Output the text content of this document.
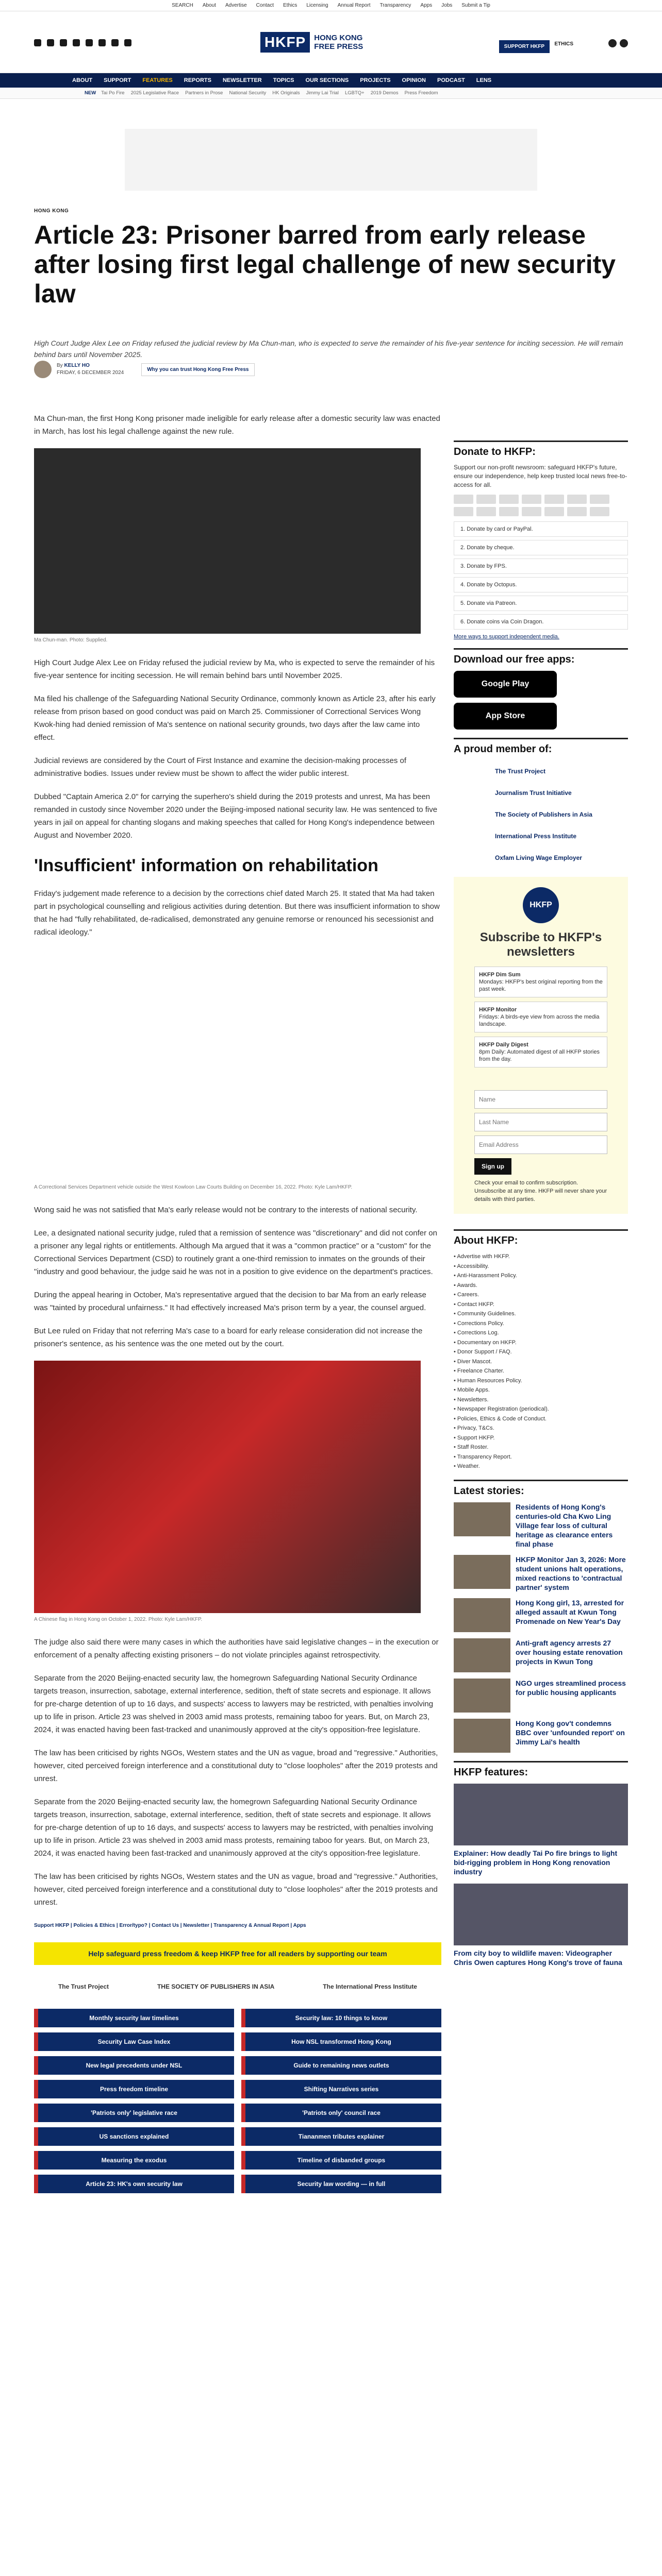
SEARCH About Advertise Contact Ethics Licensing Annual Report Transparency Apps Jobs Submit a Tip
HKFP	HONG KONG
FREE PRESS	SUPPORT HKFP	ETHICS
ABOUT SUPPORT FEATURES REPORTS NEWSLETTER TOPICS OUR SECTIONS PROJECTS OPINION PODCAST LENS
NEW Tai Po Fire 2025 Legislative Race Partners in Prose National Security HK Originals Jimmy Lai Trial LGBTQ+ 2019 Demos Press Freedom
HONG KONG
Article 23: Prisoner barred from early release after losing first legal challenge of new security law

High Court Judge Alex Lee on Friday refused the judicial review by Ma Chun-man, who is expected to serve the remainder of his five-year sentence for inciting secession. He will remain behind bars until November 2025.

By KELLY HO
FRIDAY, 6 DECEMBER 2024
Why you can trust Hong Kong Free Press

Ma Chun-man, the first Hong Kong prisoner made ineligible for early release after a domestic security law was enacted in March, has lost his legal challenge against the new rule.

Ma Chun-man. Photo: Supplied.

High Court Judge Alex Lee on Friday refused the judicial review by Ma, who is expected to serve the remainder of his five-year sentence for inciting secession. He will remain behind bars until November 2025.

Ma filed his challenge of the Safeguarding National Security Ordinance, commonly known as Article 23, after his early release from prison based on good conduct was paid on March 25. Commissioner of Correctional Services Wong Kwok-hing had denied remission of Ma's sentence on national security grounds, two days after the law came into effect.

Judicial reviews are considered by the Court of First Instance and examine the decision-making processes of administrative bodies. Issues under review must be shown to affect the wider public interest.

Dubbed "Captain America 2.0" for carrying the superhero's shield during the 2019 protests and unrest, Ma has been remanded in custody since November 2020 under the Beijing-imposed national security law. He was sentenced to five years in jail on appeal for chanting slogans and making speeches that called for Hong Kong's independence between August and November 2020.

'Insufficient' information on rehabilitation

Friday's judgement made reference to a decision by the corrections chief dated March 25. It stated that Ma had taken part in psychological counselling and religious activities during detention. But there was insufficient information to show that he had "fully rehabilitated, de-radicalised, demonstrated any genuine remorse or renounced his secessionist and radical ideology."

A Correctional Services Department vehicle outside the West Kowloon Law Courts Building on December 16, 2022. Photo: Kyle Lam/HKFP.

Wong said he was not satisfied that Ma's early release would not be contrary to the interests of national security.

Lee, a designated national security judge, ruled that a remission of sentence was "discretionary" and did not confer on a prisoner any legal rights or entitlements. Although Ma argued that it was a "common practice" or a "custom" for the Correctional Services Department (CSD) to routinely grant a one-third remission to inmates on the grounds of their "industry and good behaviour, the judge said he was not in a position to give evidence on the department's practices.

During the appeal hearing in October, Ma's representative argued that the decision to bar Ma from an early release was "tainted by procedural unfairness." It had effectively increased Ma's prison term by a year, the counsel argued.

But Lee ruled on Friday that not referring Ma's case to a board for early release consideration did not increase the prisoner's sentence, as his sentence was the one meted out by the court.

A Chinese flag in Hong Kong on October 1, 2022. Photo: Kyle Lam/HKFP.

The judge also said there were many cases in which the authorities have said legislative changes – in the execution or enforcement of a penalty affecting existing prisoners – do not violate principles against retrospectivity.

Separate from the 2020 Beijing-enacted security law, the homegrown Safeguarding National Security Ordinance targets treason, insurrection, sabotage, external interference, sedition, theft of state secrets and espionage. It allows for pre-charge detention of up to 16 days, and suspects' access to lawyers may be restricted, with penalties involving up to life in prison. Article 23 was shelved in 2003 amid mass protests, remaining taboo for years. But, on March 23, 2024, it was enacted having been fast-tracked and unanimously approved at the city's opposition-free legislature.

The law has been criticised by rights NGOs, Western states and the UN as vague, broad and "regressive." Authorities, however, cited perceived foreign interference and a constitutional duty to "close loopholes" after the 2019 protests and unrest.

Separate from the 2020 Beijing-enacted security law, the homegrown Safeguarding National Security Ordinance targets treason, insurrection, sabotage, external interference, sedition, theft of state secrets and espionage. It allows for pre-charge detention of up to 16 days, and suspects' access to lawyers may be restricted, with penalties involving up to life in prison. Article 23 was shelved in 2003 amid mass protests, remaining taboo for years. But, on March 23, 2024, it was enacted having been fast-tracked and unanimously approved at the city's opposition-free legislature.

The law has been criticised by rights NGOs, Western states and the UN as vague, broad and "regressive." Authorities, however, cited perceived foreign interference and a constitutional duty to "close loopholes" after the 2019 protests and unrest.

Support HKFP | Policies & Ethics | Error/typo? | Contact Us | Newsletter | Transparency & Annual Report | Apps
Help safeguard press freedom & keep HKFP free for all readers by supporting our team
The Trust Project	THE SOCIETY OF PUBLISHERS IN ASIA	The International Press Institute
Monthly security law timelines	Security law: 10 things to know
Security Law Case Index	How NSL transformed Hong Kong
New legal precedents under NSL	Guide to remaining news outlets
Press freedom timeline	Shifting Narratives series
'Patriots only' legislative race	'Patriots only' council race
US sanctions explained	Tiananmen tributes explainer
Measuring the exodus	Timeline of disbanded groups
Article 23: HK's own security law	Security law wording — in full
Donate to HKFP:

Support our non-profit newsroom: safeguard HKFP's future, ensure our independence, help keep trusted local news free-to-access for all.

1. Donate by card or PayPal.
2. Donate by cheque.
3. Donate by FPS.
4. Donate by Octopus.
5. Donate via Patreon.
6. Donate coins via Coin Dragon.
More ways to support independent media.
Download our free apps:
Google Play
App Store
A proud member of:
The Trust Project
Journalism Trust Initiative
The Society of Publishers in Asia
International Press Institute
Oxfam Living Wage Employer
HKFP
Subscribe to HKFP's newsletters
HKFP Dim Sum
Mondays: HKFP's best original reporting from the past week.
HKFP Monitor
Fridays: A birds-eye view from across the media landscape.
HKFP Daily Digest
8pm Daily: Automated digest of all HKFP stories from the day.
Name Last Name Email Address Sign up

Check your email to confirm subscription. Unsubscribe at any time. HKFP will never share your details with third parties.

About HKFP:
• Advertise with HKFP.
• Accessibility.
• Anti-Harassment Policy.
• Awards.
• Careers.
• Contact HKFP.
• Community Guidelines.
• Corrections Policy.
• Corrections Log.
• Documentary on HKFP.
• Donor Support / FAQ.
• Diver Mascot.
• Freelance Charter.
• Human Resources Policy.
• Mobile Apps.
• Newsletters.
• Newspaper Registration (periodical).
• Policies, Ethics & Code of Conduct.
• Privacy, T&Cs.
• Support HKFP.
• Staff Roster.
• Transparency Report.
• Weather.
Latest stories:
Residents of Hong Kong's centuries-old Cha Kwo Ling Village fear loss of cultural heritage as clearance enters final phase
HKFP Monitor Jan 3, 2026: More student unions halt operations, mixed reactions to 'contractual partner' system
Hong Kong girl, 13, arrested for alleged assault at Kwun Tong Promenade on New Year's Day
Anti-graft agency arrests 27 over housing estate renovation projects in Kwun Tong
NGO urges streamlined process for public housing applicants
Hong Kong gov't condemns BBC over 'unfounded report' on Jimmy Lai's health
HKFP features:
Explainer: How deadly Tai Po fire brings to light bid-rigging problem in Hong Kong renovation industry
From city boy to wildlife maven: Videographer Chris Owen captures Hong Kong's trove of fauna
